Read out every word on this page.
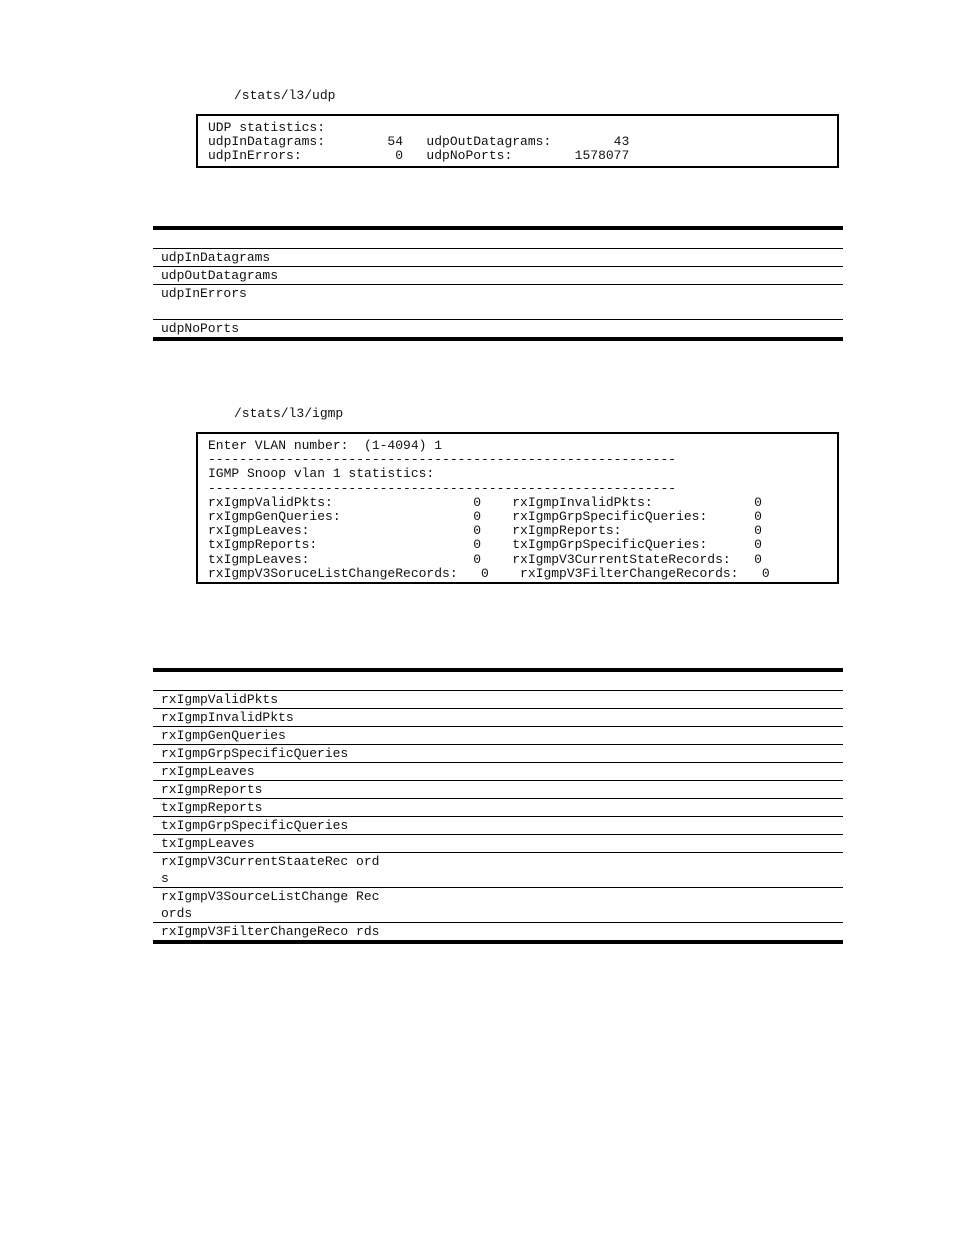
/stats/l3/udp
UDP statistics:
udpInDatagrams:        54   udpOutDatagrams:        43
udpInErrors:            0   udpNoPorts:        1578077
udpInDatagrams
udpOutDatagrams
udpInErrors
udpNoPorts
/stats/l3/igmp
Enter VLAN number:  (1-4094) 1
------------------------------------------------------------
IGMP Snoop vlan 1 statistics:
------------------------------------------------------------
rxIgmpValidPkts:                  0    rxIgmpInvalidPkts:             0
rxIgmpGenQueries:                 0    rxIgmpGrpSpecificQueries:      0
rxIgmpLeaves:                     0    rxIgmpReports:                 0
txIgmpReports:                    0    txIgmpGrpSpecificQueries:      0
txIgmpLeaves:                     0    rxIgmpV3CurrentStateRecords:   0
rxIgmpV3SoruceListChangeRecords:   0    rxIgmpV3FilterChangeRecords:   0
rxIgmpValidPkts
rxIgmpInvalidPkts
rxIgmpGenQueries
rxIgmpGrpSpecificQueries
rxIgmpLeaves
rxIgmpReports
txIgmpReports
txIgmpGrpSpecificQueries
txIgmpLeaves
rxIgmpV3CurrentStaateRec ords
rxIgmpV3SourceListChange Records
rxIgmpV3FilterChangeReco rds
